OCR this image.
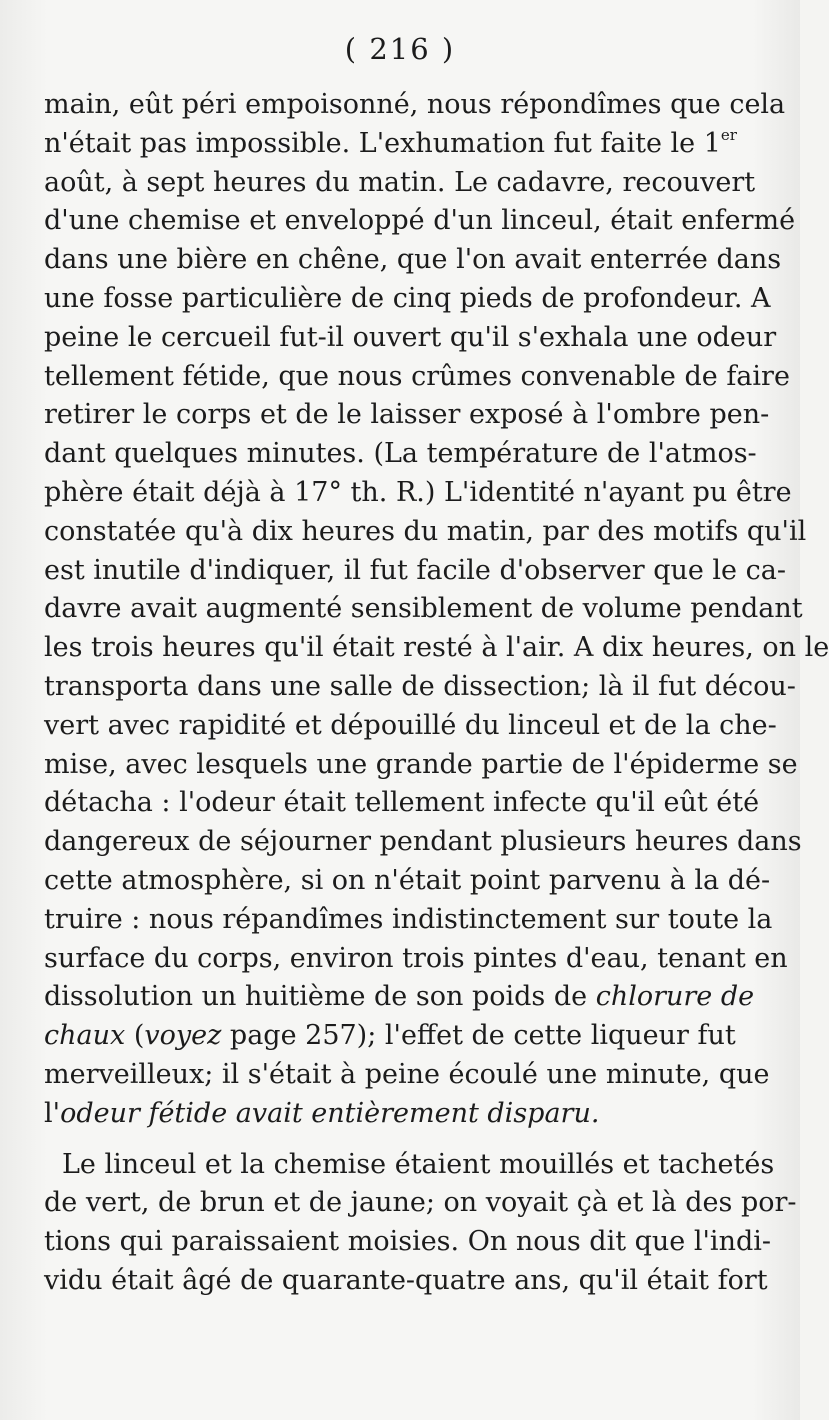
( 216 )
main, eût péri empoisonné, nous répondîmes que cela
n'était pas impossible. L'exhumation fut faite le 1er
août, à sept heures du matin. Le cadavre, recouvert
d'une chemise et enveloppé d'un linceul, était enfermé
dans une bière en chêne, que l'on avait enterrée dans
une fosse particulière de cinq pieds de profondeur. A
peine le cercueil fut-il ouvert qu'il s'exhala une odeur
tellement fétide, que nous crûmes convenable de faire
retirer le corps et de le laisser exposé à l'ombre pen-
dant quelques minutes. (La température de l'atmos-
phère était déjà à 17° th. R.) L'identité n'ayant pu être
constatée qu'à dix heures du matin, par des motifs qu'il
est inutile d'indiquer, il fut facile d'observer que le ca-
davre avait augmenté sensiblement de volume pendant
les trois heures qu'il était resté à l'air. A dix heures, on le
transporta dans une salle de dissection; là il fut décou-
vert avec rapidité et dépouillé du linceul et de la che-
mise, avec lesquels une grande partie de l'épiderme se
détacha : l'odeur était tellement infecte qu'il eût été
dangereux de séjourner pendant plusieurs heures dans
cette atmosphère, si on n'était point parvenu à la dé-
truire : nous répandîmes indistinctement sur toute la
surface du corps, environ trois pintes d'eau, tenant en
dissolution un huitième de son poids de chlorure de
chaux (voyez page 257); l'effet de cette liqueur fut
merveilleux; il s'était à peine écoulé une minute, que
l'odeur fétide avait entièrement disparu.
Le linceul et la chemise étaient mouillés et tachetés
de vert, de brun et de jaune; on voyait çà et là des por-
tions qui paraissaient moisies. On nous dit que l'indi-
vidu était âgé de quarante-quatre ans, qu'il était fort
